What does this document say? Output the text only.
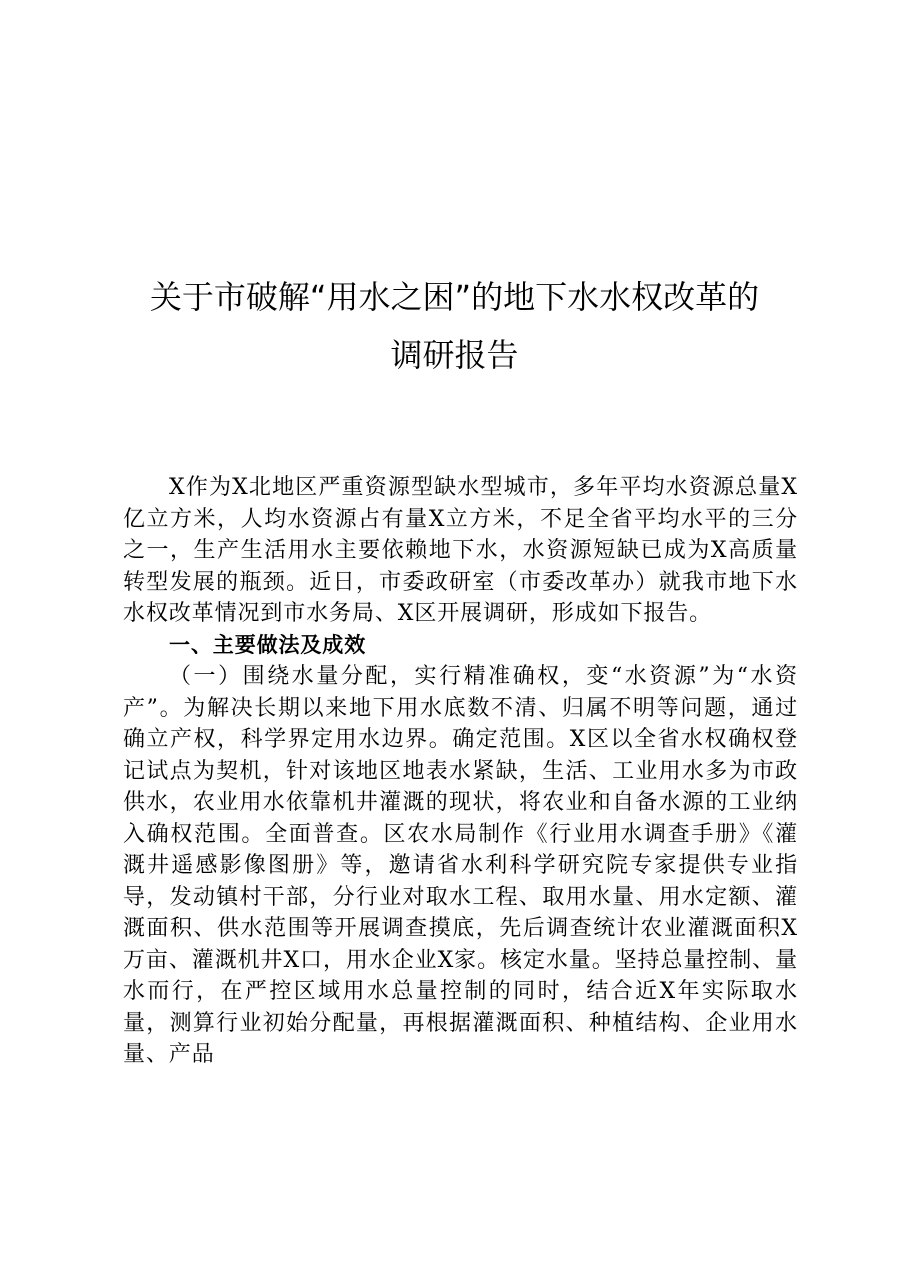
关于市破解“用水之困”的地下水水权改革的
调研报告

X作为X北地区严重资源型缺水型城市，多年平均水资源总量X亿立方米，人均水资源占有量X立方米，不足全省平均水平的三分之一，生产生活用水主要依赖地下水，水资源短缺已成为X高质量转型发展的瓶颈。近日，市委政研室（市委改革办）就我市地下水水权改革情况到市水务局、X区开展调研，形成如下报告。

一、主要做法及成效

（一）围绕水量分配，实行精准确权，变“水资源”为“水资产”。为解决长期以来地下用水底数不清、归属不明等问题，通过确立产权，科学界定用水边界。确定范围。X区以全省水权确权登记试点为契机，针对该地区地表水紧缺，生活、工业用水多为市政供水，农业用水依靠机井灌溉的现状，将农业和自备水源的工业纳入确权范围。全面普查。区农水局制作《行业用水调查手册》《灌溉井遥感影像图册》等，邀请省水利科学研究院专家提供专业指导，发动镇村干部，分行业对取水工程、取用水量、用水定额、灌溉面积、供水范围等开展调查摸底，先后调查统计农业灌溉面积X万亩、灌溉机井X口，用水企业X家。核定水量。坚持总量控制、量水而行，在严控区域用水总量控制的同时，结合近X年实际取水量，测算行业初始分配量，再根据灌溉面积、种植结构、企业用水量、产品
